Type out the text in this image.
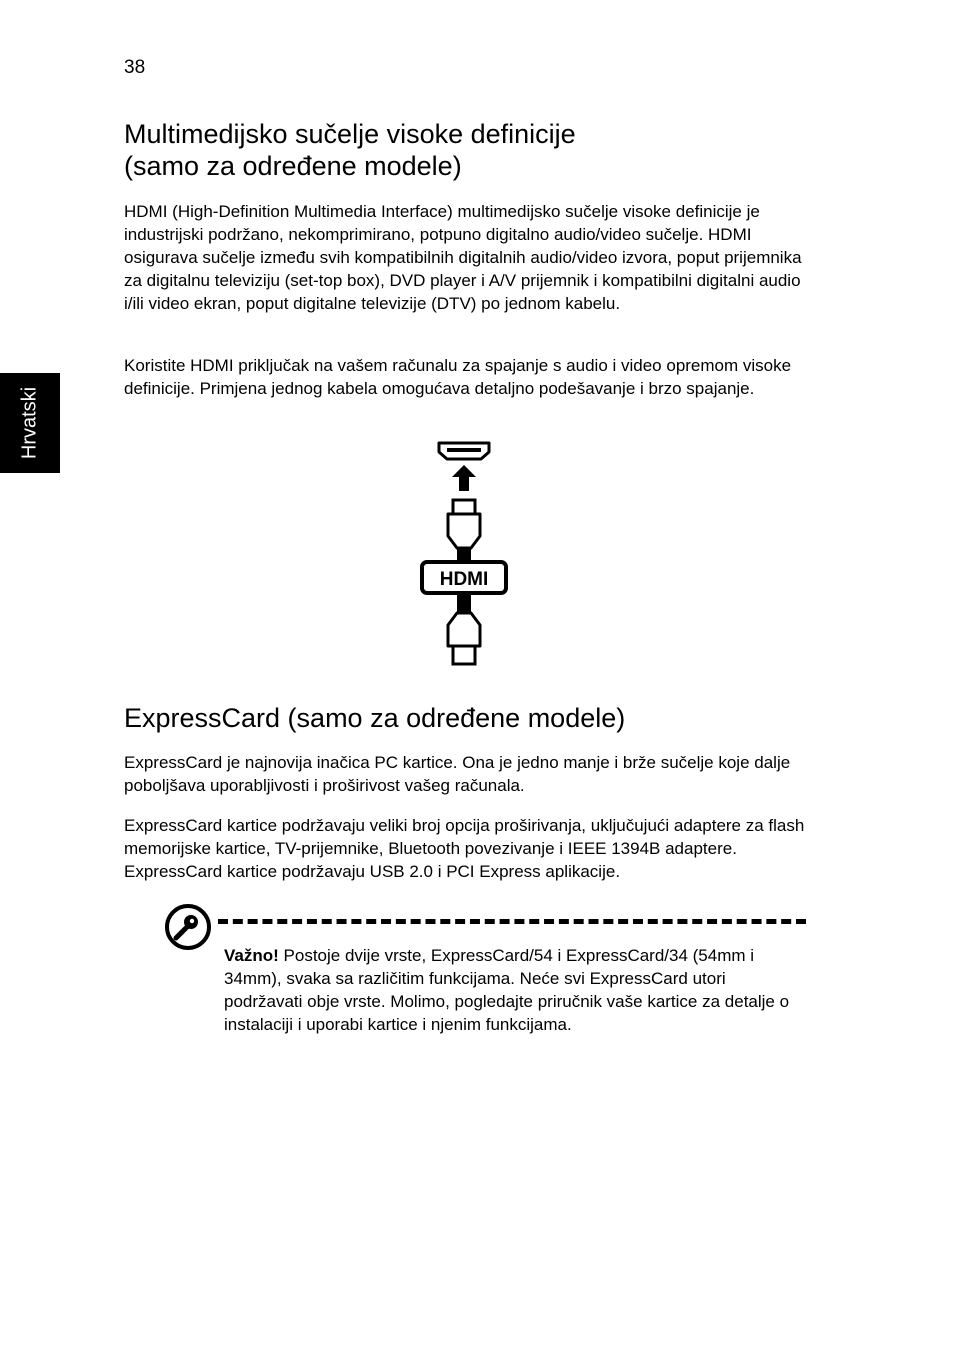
38
Hrvatski
Multimedijsko sučelje visoke definicije
(samo za određene modele)

HDMI (High-Definition Multimedia Interface) multimedijsko sučelje visoke definicije je industrijski podržano, nekomprimirano, potpuno digitalno audio/video sučelje. HDMI osigurava sučelje između svih kompatibilnih digitalnih audio/video izvora, poput prijemnika za digitalnu televiziju (set-top box), DVD player i A/V prijemnik i kompatibilni digitalni audio i/ili video ekran, poput digitalne televizije (DTV) po jednom kabelu.

Koristite HDMI priključak na vašem računalu za spajanje s audio i video opremom visoke definicije. Primjena jednog kabela omogućava detaljno podešavanje i brzo spajanje.

HDMI
ExpressCard (samo za određene modele)

ExpressCard je najnovija inačica PC kartice. Ona je jedno manje i brže sučelje koje dalje poboljšava uporabljivosti i proširivost vašeg računala.

ExpressCard kartice podržavaju veliki broj opcija proširivanja, uključujući adaptere za flash memorijske kartice, TV-prijemnike, Bluetooth povezivanje i IEEE 1394B adaptere. ExpressCard kartice podržavaju USB 2.0 i PCI Express aplikacije.

Važno! Postoje dvije vrste, ExpressCard/54 i ExpressCard/34 (54mm i 34mm), svaka sa različitim funkcijama. Neće svi ExpressCard utori podržavati obje vrste. Molimo, pogledajte priručnik vaše kartice za detalje o instalaciji i uporabi kartice i njenim funkcijama.
